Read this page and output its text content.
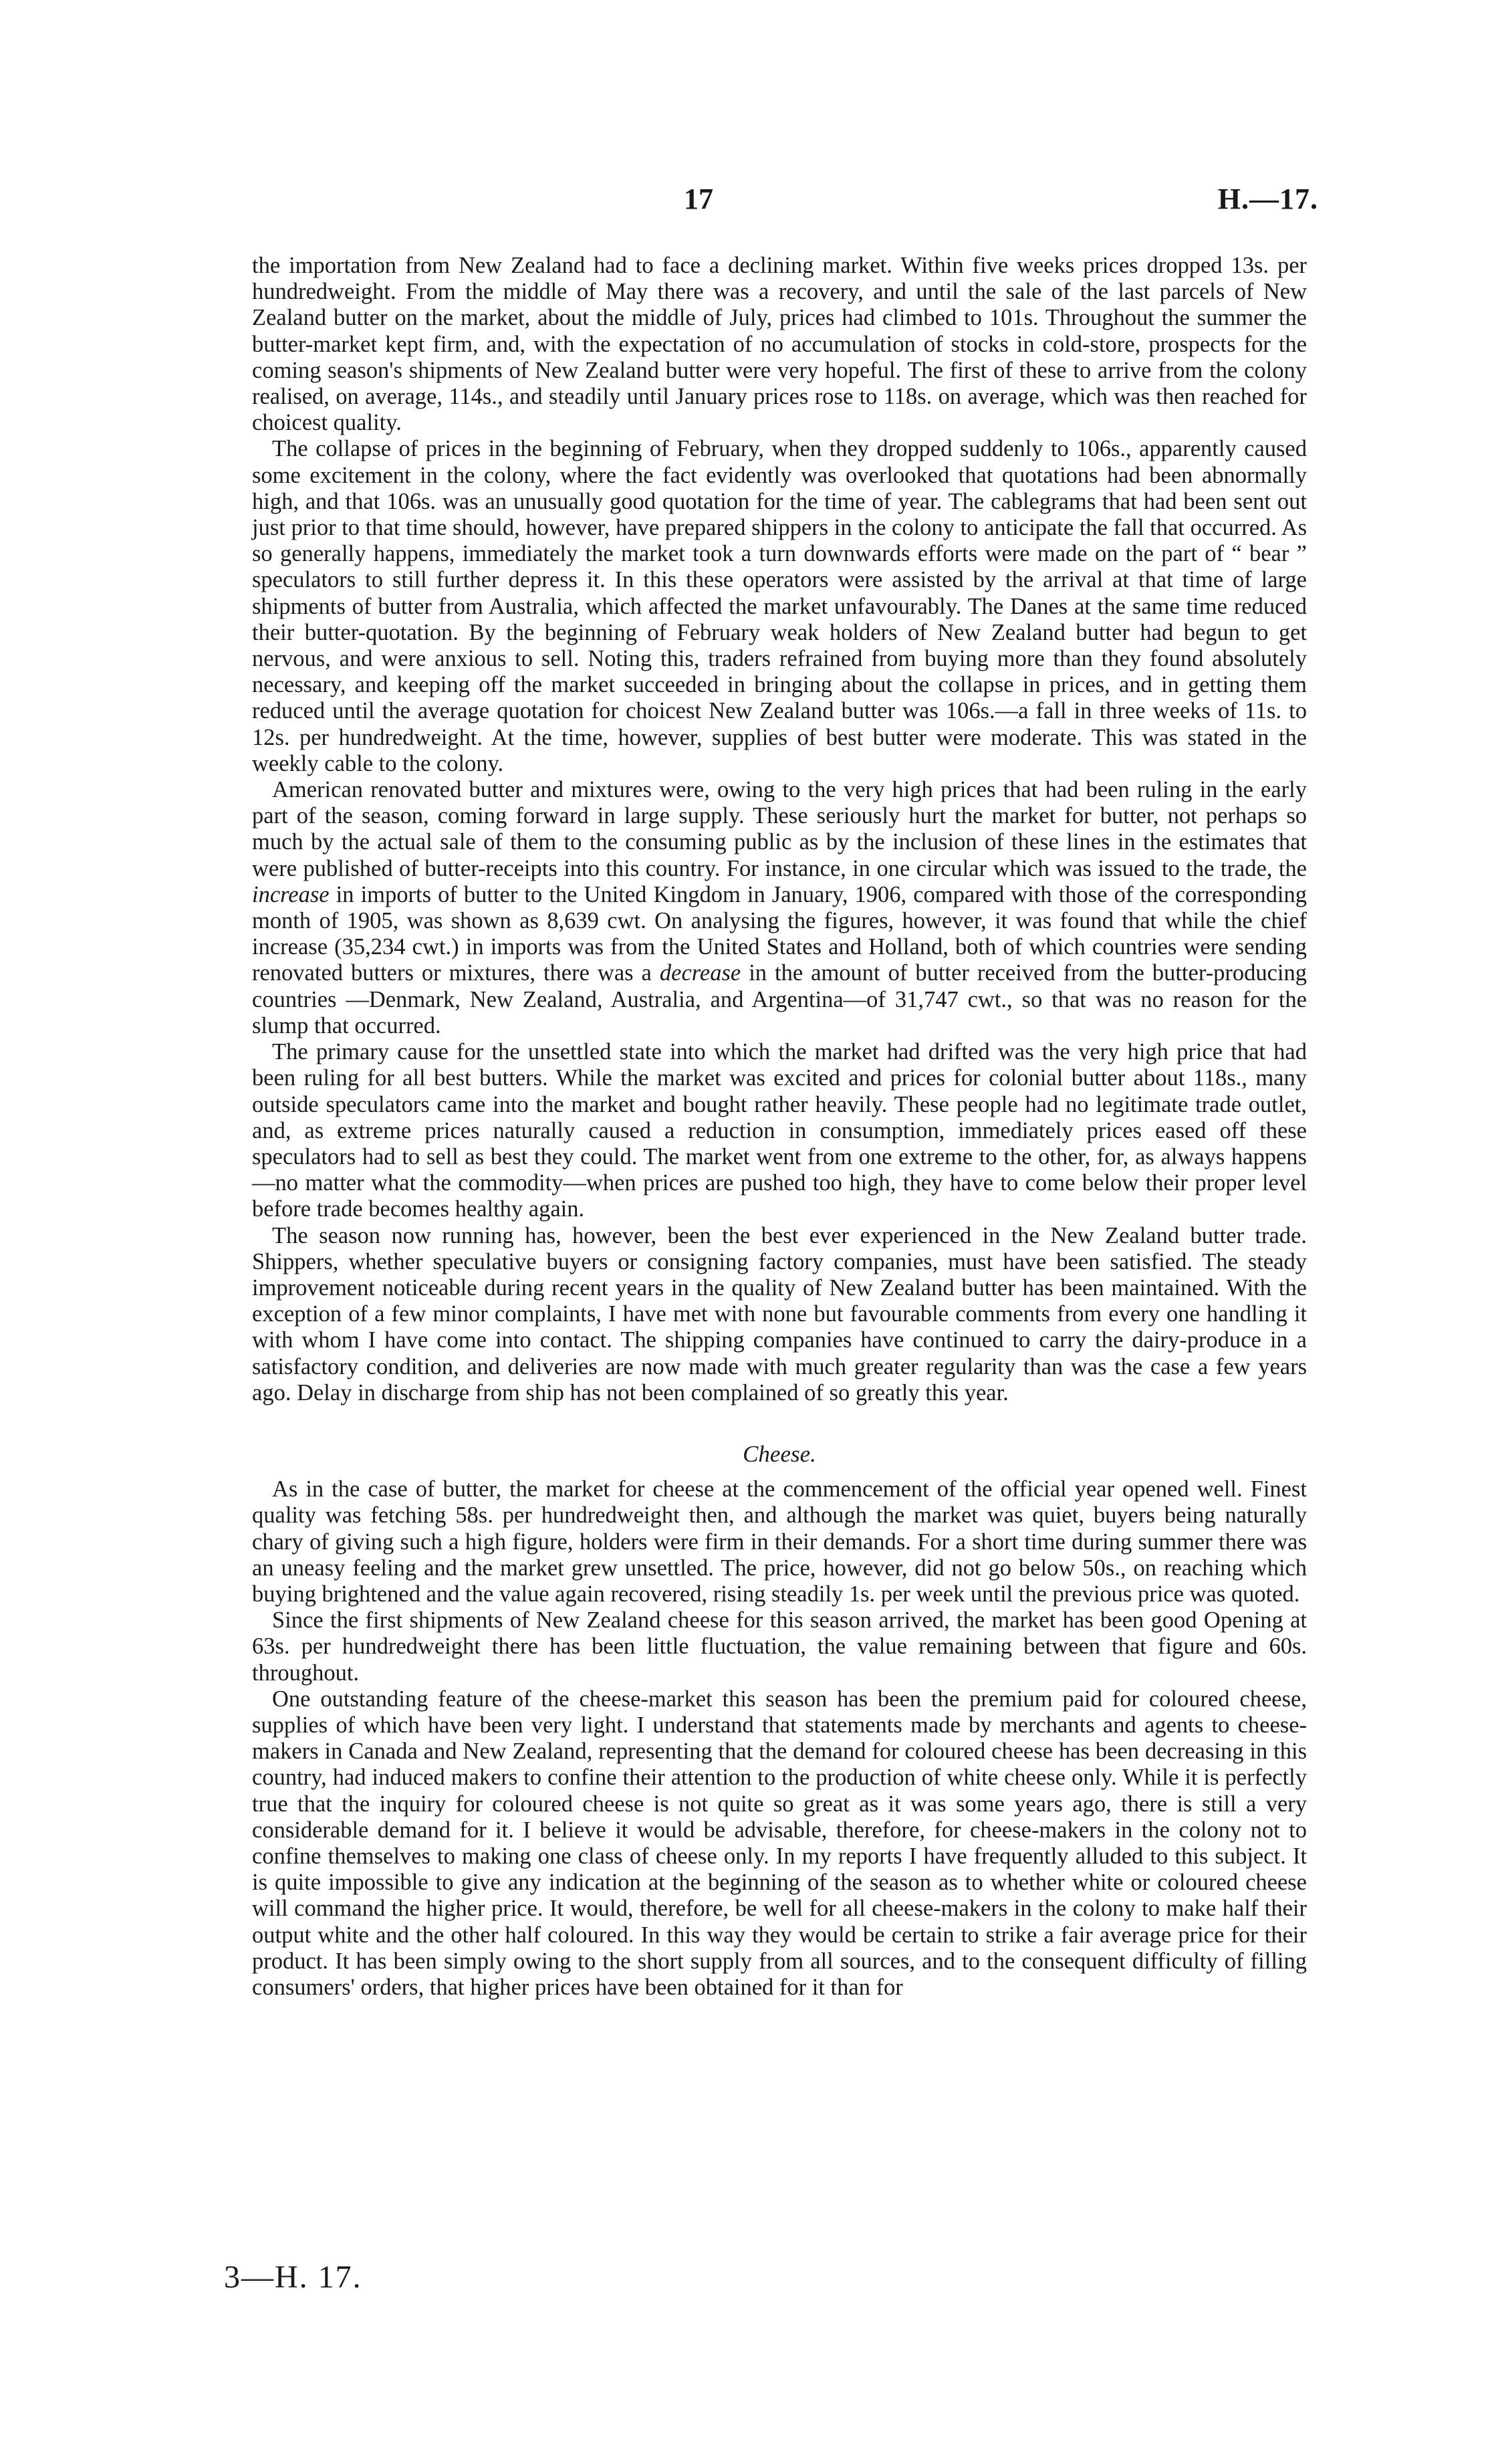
17	H.—17.

the importation from New Zealand had to face a declining market. Within five weeks prices dropped 13s. per hundredweight. From the middle of May there was a recovery, and until the sale of the last parcels of New Zealand butter on the market, about the middle of July, prices had climbed to 101s. Throughout the summer the butter-market kept firm, and, with the expectation of no accumulation of stocks in cold-store, prospects for the coming season's shipments of New Zealand butter were very hopeful. The first of these to arrive from the colony realised, on average, 114s., and steadily until January prices rose to 118s. on average, which was then reached for choicest quality.

The collapse of prices in the beginning of February, when they dropped suddenly to 106s., apparently caused some excitement in the colony, where the fact evidently was overlooked that quotations had been abnormally high, and that 106s. was an unusually good quotation for the time of year. The cablegrams that had been sent out just prior to that time should, however, have prepared shippers in the colony to anticipate the fall that occurred. As so generally happens, immediately the market took a turn downwards efforts were made on the part of “ bear ” speculators to still further depress it. In this these operators were assisted by the arrival at that time of large shipments of butter from Australia, which affected the market unfavourably. The Danes at the same time reduced their butter-quotation. By the beginning of February weak holders of New Zealand butter had begun to get nervous, and were anxious to sell. Noting this, traders refrained from buying more than they found absolutely necessary, and keeping off the market succeeded in bringing about the collapse in prices, and in getting them reduced until the average quotation for choicest New Zealand butter was 106s.—a fall in three weeks of 11s. to 12s. per hundredweight. At the time, however, supplies of best butter were moderate. This was stated in the weekly cable to the colony.

American renovated butter and mixtures were, owing to the very high prices that had been ruling in the early part of the season, coming forward in large supply. These seriously hurt the market for butter, not perhaps so much by the actual sale of them to the consuming public as by the inclusion of these lines in the estimates that were published of butter-receipts into this country. For instance, in one circular which was issued to the trade, the increase in imports of butter to the United Kingdom in January, 1906, compared with those of the corresponding month of 1905, was shown as 8,639 cwt. On analysing the figures, however, it was found that while the chief increase (35,234 cwt.) in imports was from the United States and Holland, both of which countries were sending renovated butters or mixtures, there was a decrease in the amount of butter received from the butter-producing countries —Denmark, New Zealand, Australia, and Argentina—of 31,747 cwt., so that was no reason for the slump that occurred.

The primary cause for the unsettled state into which the market had drifted was the very high price that had been ruling for all best butters. While the market was excited and prices for colonial butter about 118s., many outside speculators came into the market and bought rather heavily. These people had no legitimate trade outlet, and, as extreme prices naturally caused a reduction in consumption, immediately prices eased off these speculators had to sell as best they could. The market went from one extreme to the other, for, as always happens—no matter what the commodity—when prices are pushed too high, they have to come below their proper level before trade becomes healthy again.

The season now running has, however, been the best ever experienced in the New Zealand butter trade. Shippers, whether speculative buyers or consigning factory companies, must have been satisfied. The steady improvement noticeable during recent years in the quality of New Zealand butter has been maintained. With the exception of a few minor complaints, I have met with none but favourable comments from every one handling it with whom I have come into contact. The shipping companies have continued to carry the dairy-produce in a satisfactory condition, and deliveries are now made with much greater regularity than was the case a few years ago. Delay in discharge from ship has not been complained of so greatly this year.

Cheese.

As in the case of butter, the market for cheese at the commencement of the official year opened well. Finest quality was fetching 58s. per hundredweight then, and although the market was quiet, buyers being naturally chary of giving such a high figure, holders were firm in their demands. For a short time during summer there was an uneasy feeling and the market grew unsettled. The price, however, did not go below 50s., on reaching which buying brightened and the value again recovered, rising steadily 1s. per week until the previous price was quoted.

Since the first shipments of New Zealand cheese for this season arrived, the market has been good Opening at 63s. per hundredweight there has been little fluctuation, the value remaining between that figure and 60s. throughout.

One outstanding feature of the cheese-market this season has been the premium paid for coloured cheese, supplies of which have been very light. I understand that statements made by merchants and agents to cheese-makers in Canada and New Zealand, representing that the demand for coloured cheese has been decreasing in this country, had induced makers to confine their attention to the production of white cheese only. While it is perfectly true that the inquiry for coloured cheese is not quite so great as it was some years ago, there is still a very considerable demand for it. I believe it would be advisable, therefore, for cheese-makers in the colony not to confine themselves to making one class of cheese only. In my reports I have frequently alluded to this subject. It is quite impossible to give any indication at the beginning of the season as to whether white or coloured cheese will command the higher price. It would, therefore, be well for all cheese-makers in the colony to make half their output white and the other half coloured. In this way they would be certain to strike a fair average price for their product. It has been simply owing to the short supply from all sources, and to the consequent difficulty of filling consumers' orders, that higher prices have been obtained for it than for

3—H. 17.
